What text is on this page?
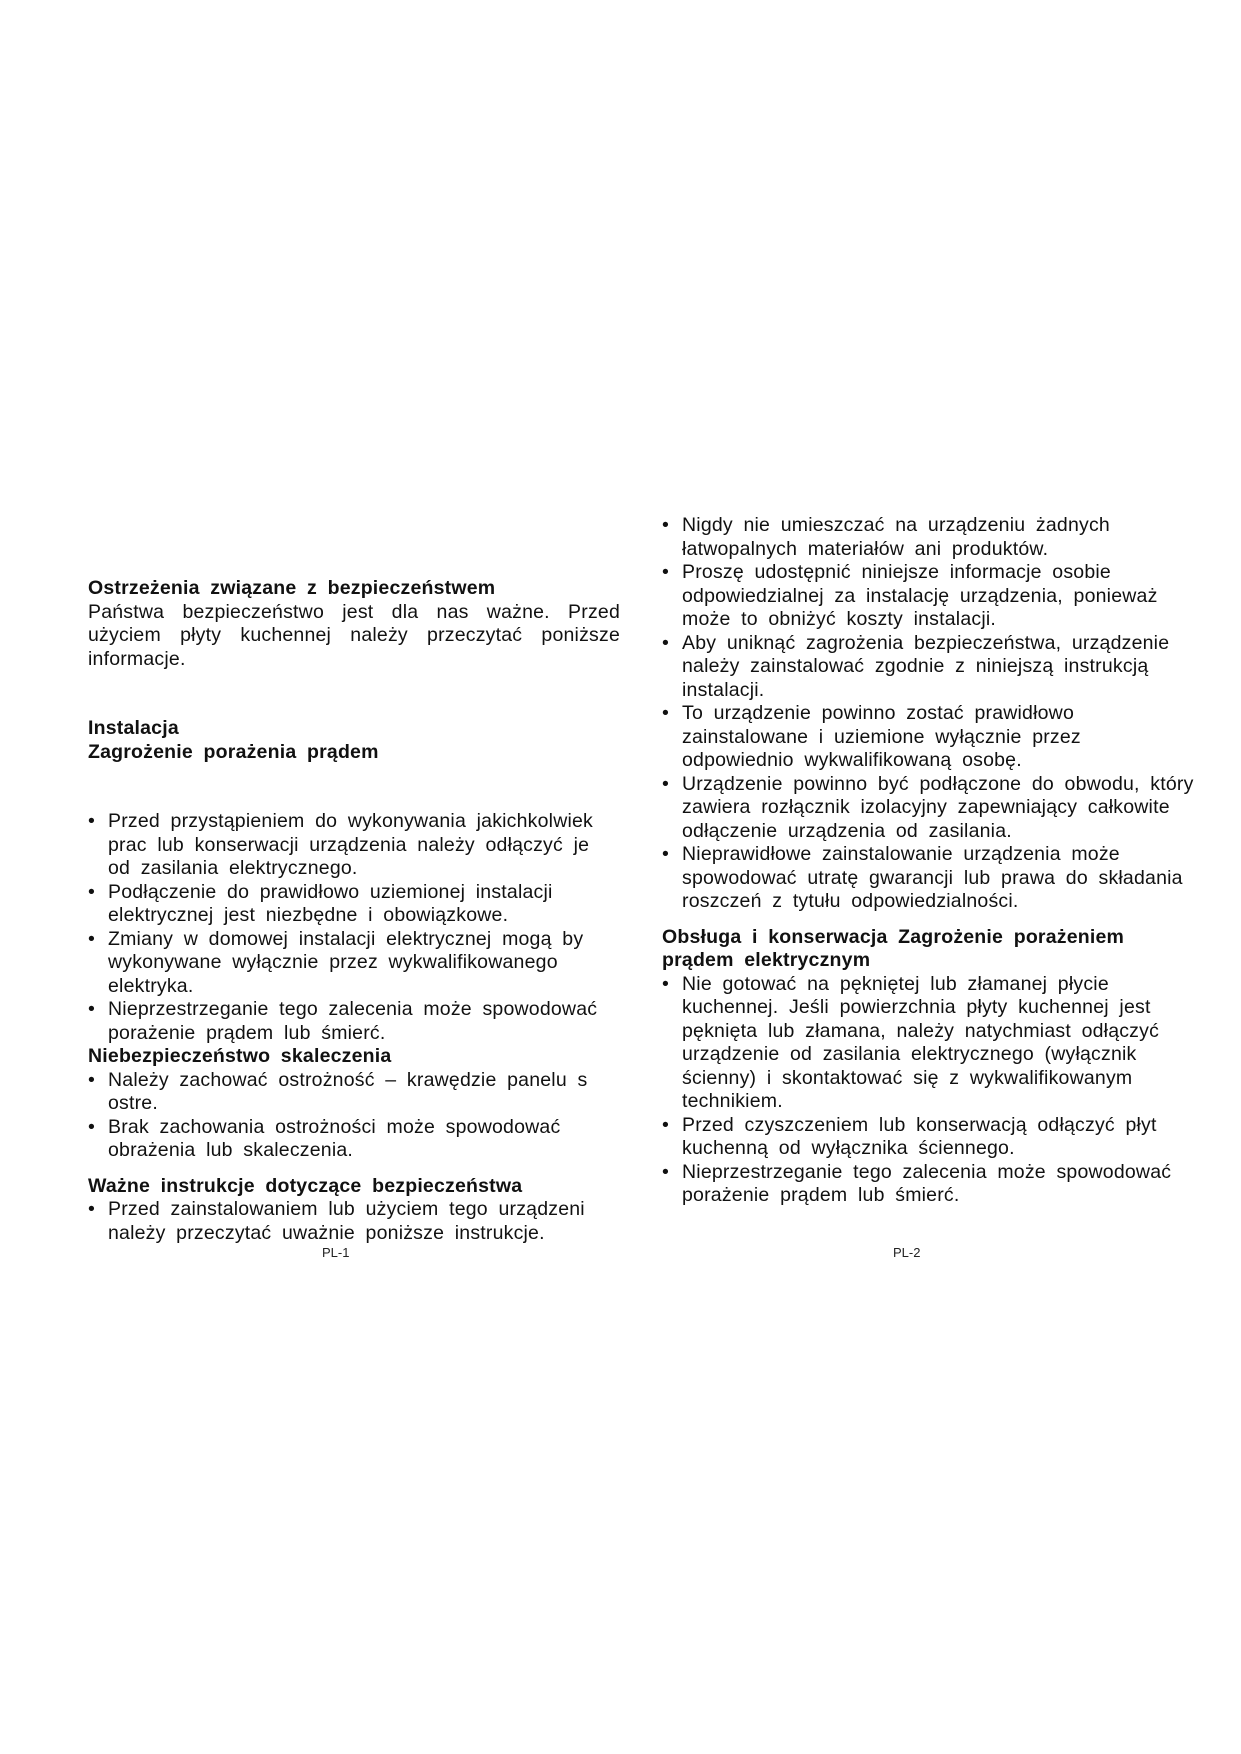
Ostrzeżenia związane z bezpieczeństwem

Państwa bezpieczeństwo jest dla nas ważne. Przed użyciem płyty kuchennej należy przeczytać poniższe informacje.

Instalacja

Zagrożenie porażenia prądem

• Przed przystąpieniem do wykonywania jakichkolwiek prac lub konserwacji urządzenia należy odłączyć je od zasilania elektrycznego.
• Podłączenie do prawidłowo uziemionej instalacji elektrycznej jest niezbędne i obowiązkowe.
• Zmiany w domowej instalacji elektrycznej mogą by wykonywane wyłącznie przez wykwalifikowanego elektryka.
• Nieprzestrzeganie tego zalecenia może spowodować porażenie prądem lub śmierć.

Niebezpieczeństwo skaleczenia

• Należy zachować ostrożność – krawędzie panelu s ostre.
• Brak zachowania ostrożności może spowodować obrażenia lub skaleczenia.

Ważne instrukcje dotyczące bezpieczeństwa

• Przed zainstalowaniem lub użyciem tego urządzeni należy przeczytać uważnie poniższe instrukcje.
PL-1
• Nigdy nie umieszczać na urządzeniu żadnych łatwopalnych materiałów ani produktów.
• Proszę udostępnić niniejsze informacje osobie odpowiedzialnej za instalację urządzenia, ponieważ może to obniżyć koszty instalacji.
• Aby uniknąć zagrożenia bezpieczeństwa, urządzenie należy zainstalować zgodnie z niniejszą instrukcją instalacji.
• To urządzenie powinno zostać prawidłowo zainstalowane i uziemione wyłącznie przez odpowiednio wykwalifikowaną osobę.
• Urządzenie powinno być podłączone do obwodu, który zawiera rozłącznik izolacyjny zapewniający całkowite odłączenie urządzenia od zasilania.
• Nieprawidłowe zainstalowanie urządzenia może spowodować utratę gwarancji lub prawa do składania roszczeń z tytułu odpowiedzialności.

Obsługa i konserwacja Zagrożenie porażeniem prądem elektrycznym

• Nie gotować na pękniętej lub złamanej płycie kuchennej. Jeśli powierzchnia płyty kuchennej jest pęknięta lub złamana, należy natychmiast odłączyć urządzenie od zasilania elektrycznego (wyłącznik ścienny) i skontaktować się z wykwalifikowanym technikiem.
• Przed czyszczeniem lub konserwacją odłączyć płyt kuchenną od wyłącznika ściennego.
• Nieprzestrzeganie tego zalecenia może spowodować porażenie prądem lub śmierć.
PL-2
